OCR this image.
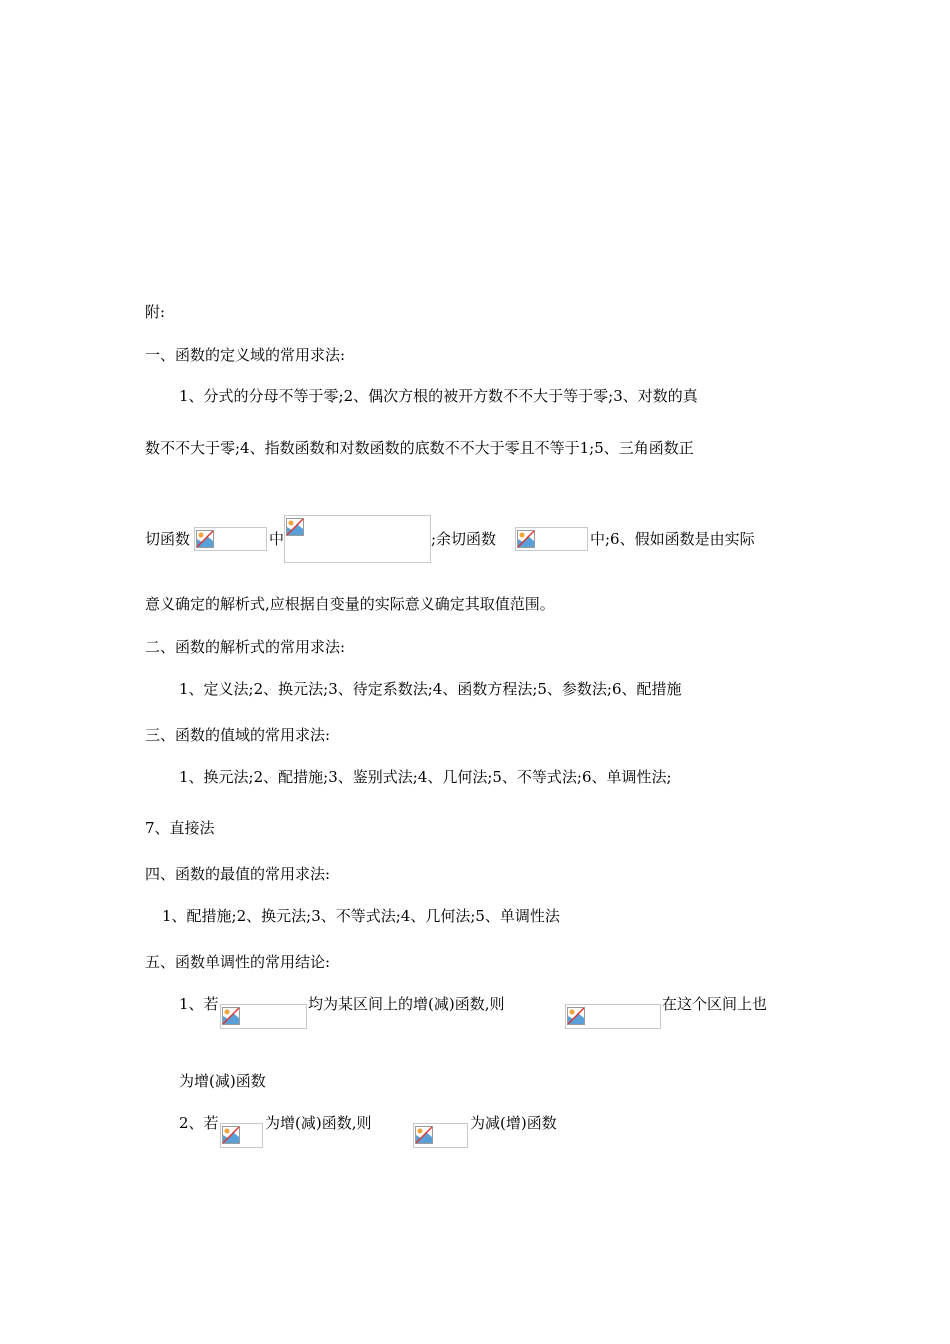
附:
一、函数的定义域的常用求法:
1、分式的分母不等于零;2、偶次方根的被开方数不不大于等于零;3、对数的真
数不不大于零;4、指数函数和对数函数的底数不不大于零且不等于1;5、三角函数正
切函数	中	;余切函数	中;6、假如函数是由实际
意义确定的解析式,应根据自变量的实际意义确定其取值范围。
二、函数的解析式的常用求法:
1、定义法;2、换元法;3、待定系数法;4、函数方程法;5、参数法;6、配措施
三、函数的值域的常用求法:
1、换元法;2、配措施;3、鉴别式法;4、几何法;5、不等式法;6、单调性法;
7、直接法
四、函数的最值的常用求法:
1、配措施;2、换元法;3、不等式法;4、几何法;5、单调性法
五、函数单调性的常用结论:
1、若	均为某区间上的增(减)函数,则	在这个区间上也
为增(减)函数
2、若	为增(减)函数,则	为减(增)函数
